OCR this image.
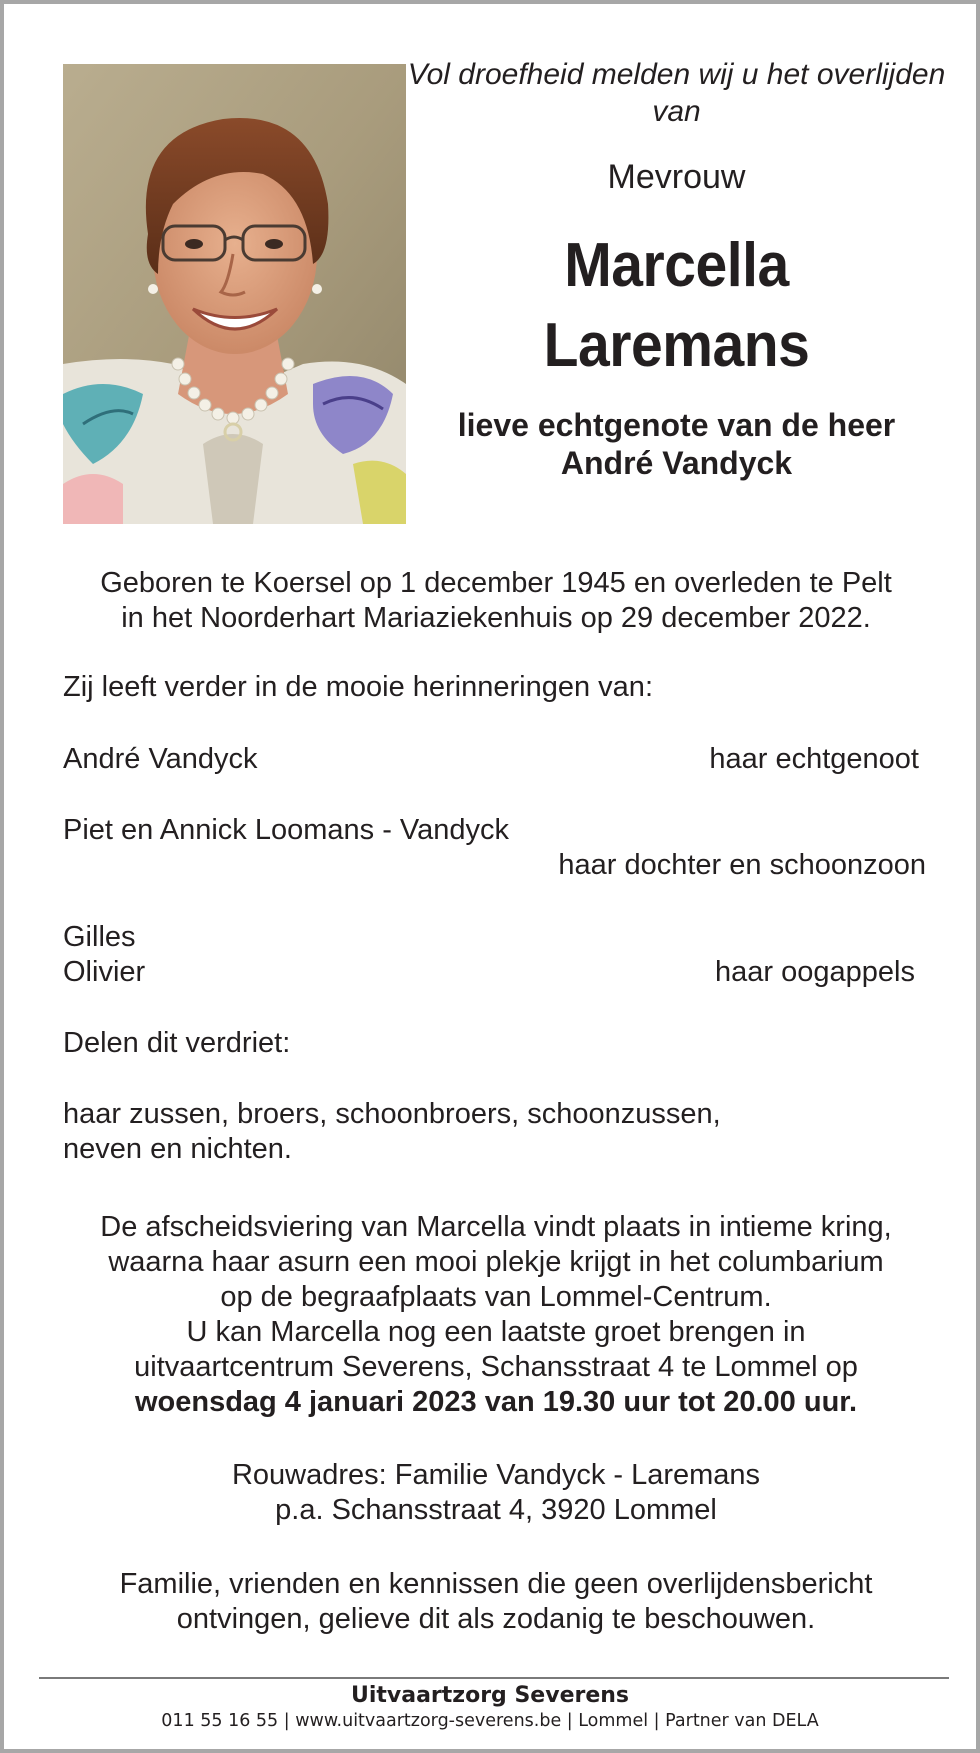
Vol droefheid melden wij u het overlijden van
Mevrouw
Marcella
Laremans
lieve echtgenote van de heer
André Vandyck
Geboren te Koersel op 1 december 1945 en overleden te Pelt
in het Noorderhart Mariaziekenhuis op 29 december 2022.
Zij leeft verder in de mooie herinneringen van:
André Vandyck	haar echtgenoot
Piet en Annick Loomans - Vandyck
haar dochter en schoonzoon
Gilles
Olivier	haar oogappels
Delen dit verdriet:
haar zussen, broers, schoonbroers, schoonzussen,
neven en nichten.
De afscheidsviering van Marcella vindt plaats in intieme kring,
waarna haar asurn een mooi plekje krijgt in het columbarium
op de begraafplaats van Lommel-Centrum.
U kan Marcella nog een laatste groet brengen in
uitvaartcentrum Severens, Schansstraat 4 te Lommel op
woensdag 4 januari 2023 van 19.30 uur tot 20.00 uur.
Rouwadres: Familie Vandyck - Laremans
p.a. Schansstraat 4, 3920 Lommel
Familie, vrienden en kennissen die geen overlijdensbericht
ontvingen, gelieve dit als zodanig te beschouwen.
Uitvaartzorg Severens
011 55 16 55 | www.uitvaartzorg-severens.be | Lommel | Partner van DELA
